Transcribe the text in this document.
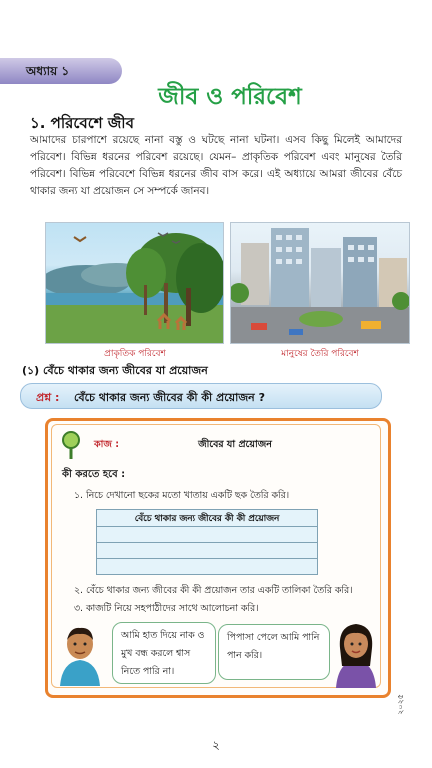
অধ্যায় ১
জীব ও পরিবেশ
১. পরিবেশে জীব
আমাদের চারপাশে রয়েছে নানা বস্তু ও ঘটছে নানা ঘটনা। এসব কিছু মিলেই আমাদের পরিবেশ। বিভিন্ন ধরনের পরিবেশ রয়েছে। যেমন– প্রাকৃতিক পরিবেশ এবং মানুষের তৈরি পরিবেশ। বিভিন্ন পরিবেশে বিভিন্ন ধরনের জীব বাস করে। এই অধ্যায়ে আমরা জীবের বেঁচে থাকার জন্য যা প্রয়োজন সে সম্পর্কে জানব।
প্রাকৃতিক পরিবেশ	মানুষের তৈরি পরিবেশ
(১) বেঁচে থাকার জন্য জীবের যা প্রয়োজন
প্রশ্ন : বেঁচে থাকার জন্য জীবের কী কী প্রয়োজন ?
কাজ :	জীবের যা প্রয়োজন
কী করতে হবে :
১. নিচে দেখানো ছকের মতো খাতায় একটি ছক তৈরি করি।
বেঁচে থাকার জন্য জীবের কী কী প্রয়োজন

২. বেঁচে থাকার জন্য জীবের কী কী প্রয়োজন তার একটি তালিকা তৈরি করি।
৩. কাজটি নিয়ে সহপাঠীদের সাথে আলোচনা করি।
আমি হাত দিয়ে নাক ও মুখ বন্ধ করলে শ্বাস নিতে পারি না।
পিপাসা পেলে আমি পানি পান করি।
২০২৫
২
